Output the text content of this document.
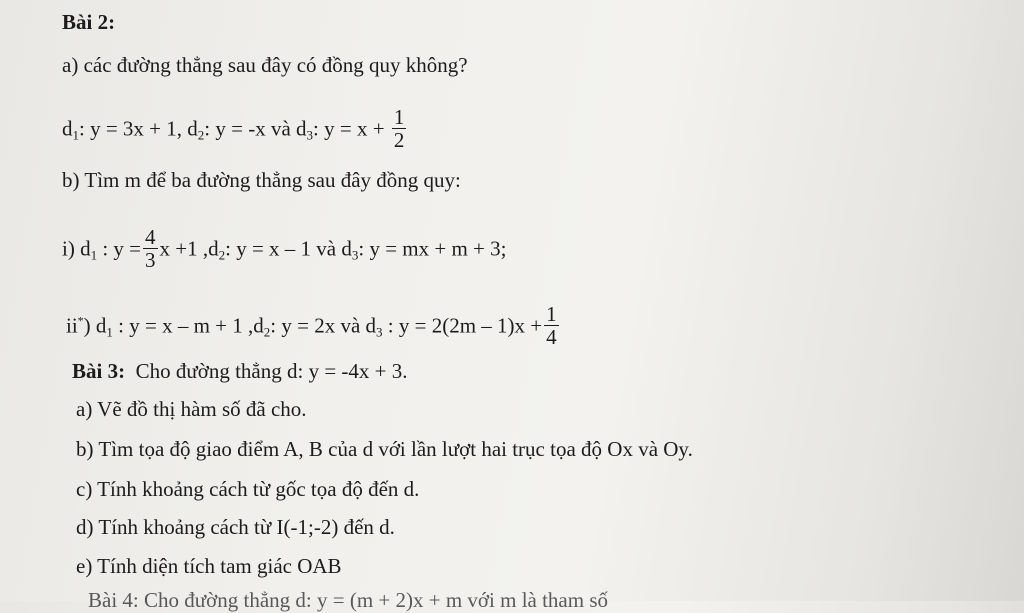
Bài 2:
a) các đường thẳng sau đây có đồng quy không?
$d_1$: y = 3x + 1, $d_2$: y = -x và $d_3$: $y = x + \frac{1}{2}$
b) Tìm m để ba đường thẳng sau đây đồng quy:
i) $d_1$ : $y = \frac{4}{3}$ x +1 $,d_2$: y = x – 1 và $d_3$: y = mx + m + 3;
ii*) $d_1$ : y = x – m + 1 $,d_2$: y = 2x và $d_3$ : $y = 2(2m - 1)x + \frac{1}{4}$
Bài 3: Cho đường thẳng d: y = -4x + 3.
a) Vẽ đồ thị hàm số đã cho.
b) Tìm tọa độ giao điểm A, B của d với lần lượt hai trục tọa độ Ox và Oy.
c) Tính khoảng cách từ gốc tọa độ đến d.
d) Tính khoảng cách từ I(-1;-2) đến d.
e) Tính diện tích tam giác OAB
Bài 4: Cho đường thẳng d: y = (m + 2)x + m với m là tham số
